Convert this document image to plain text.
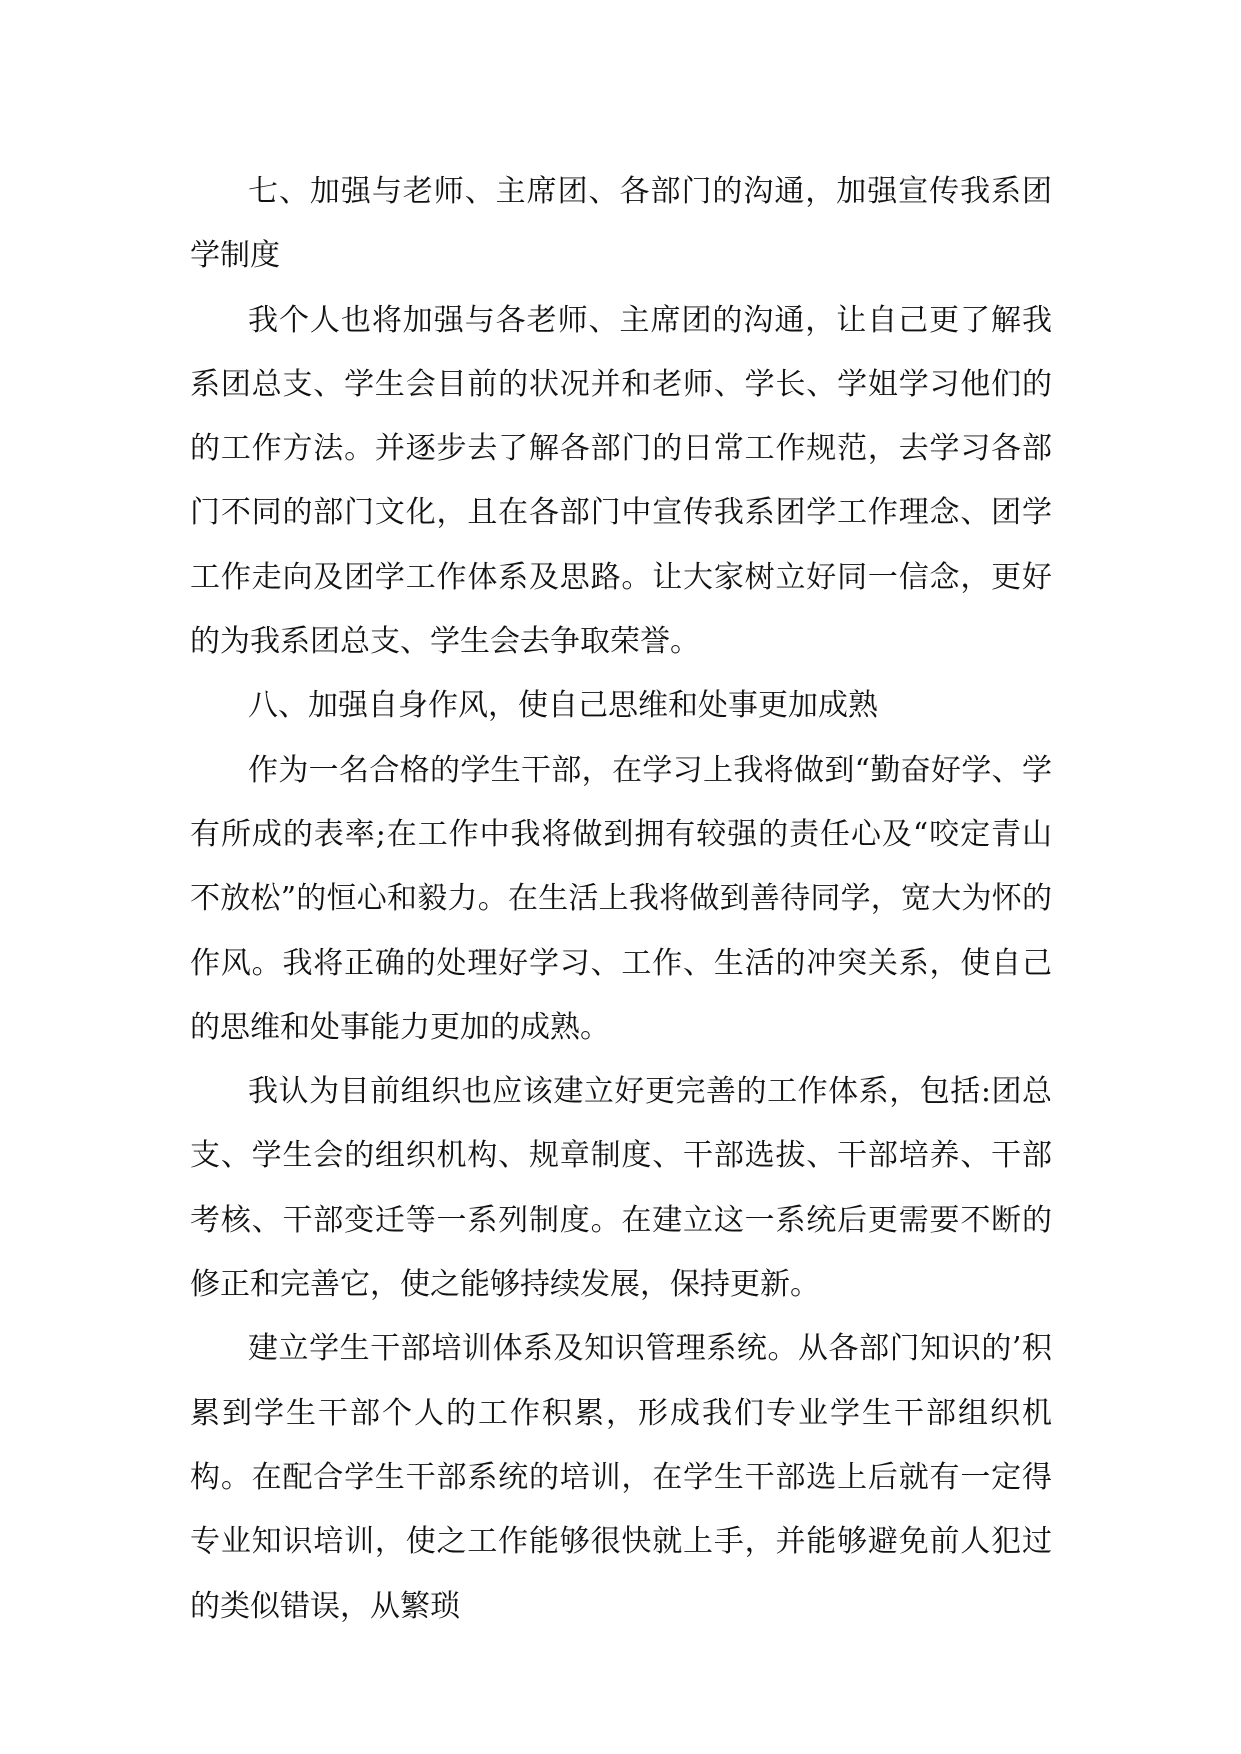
七、加强与老师、主席团、各部门的沟通，加强宣传我系团学制度

我个人也将加强与各老师、主席团的沟通，让自己更了解我系团总支、学生会目前的状况并和老师、学长、学姐学习他们的的工作方法。并逐步去了解各部门的日常工作规范，去学习各部门不同的部门文化，且在各部门中宣传我系团学工作理念、团学工作走向及团学工作体系及思路。让大家树立好同一信念，更好的为我系团总支、学生会去争取荣誉。

八、加强自身作风，使自己思维和处事更加成熟

作为一名合格的学生干部，在学习上我将做到“勤奋好学、学有所成的表率;在工作中我将做到拥有较强的责任心及“咬定青山不放松”的恒心和毅力。在生活上我将做到善待同学，宽大为怀的作风。我将正确的处理好学习、工作、生活的冲突关系，使自己的思维和处事能力更加的成熟。

我认为目前组织也应该建立好更完善的工作体系，包括:团总支、学生会的组织机构、规章制度、干部选拔、干部培养、干部考核、干部变迁等一系列制度。在建立这一系统后更需要不断的修正和完善它，使之能够持续发展，保持更新。

建立学生干部培训体系及知识管理系统。从各部门知识的’积累到学生干部个人的工作积累，形成我们专业学生干部组织机构。在配合学生干部系统的培训，在学生干部选上后就有一定得专业知识培训，使之工作能够很快就上手，并能够避免前人犯过的类似错误，从繁琐
